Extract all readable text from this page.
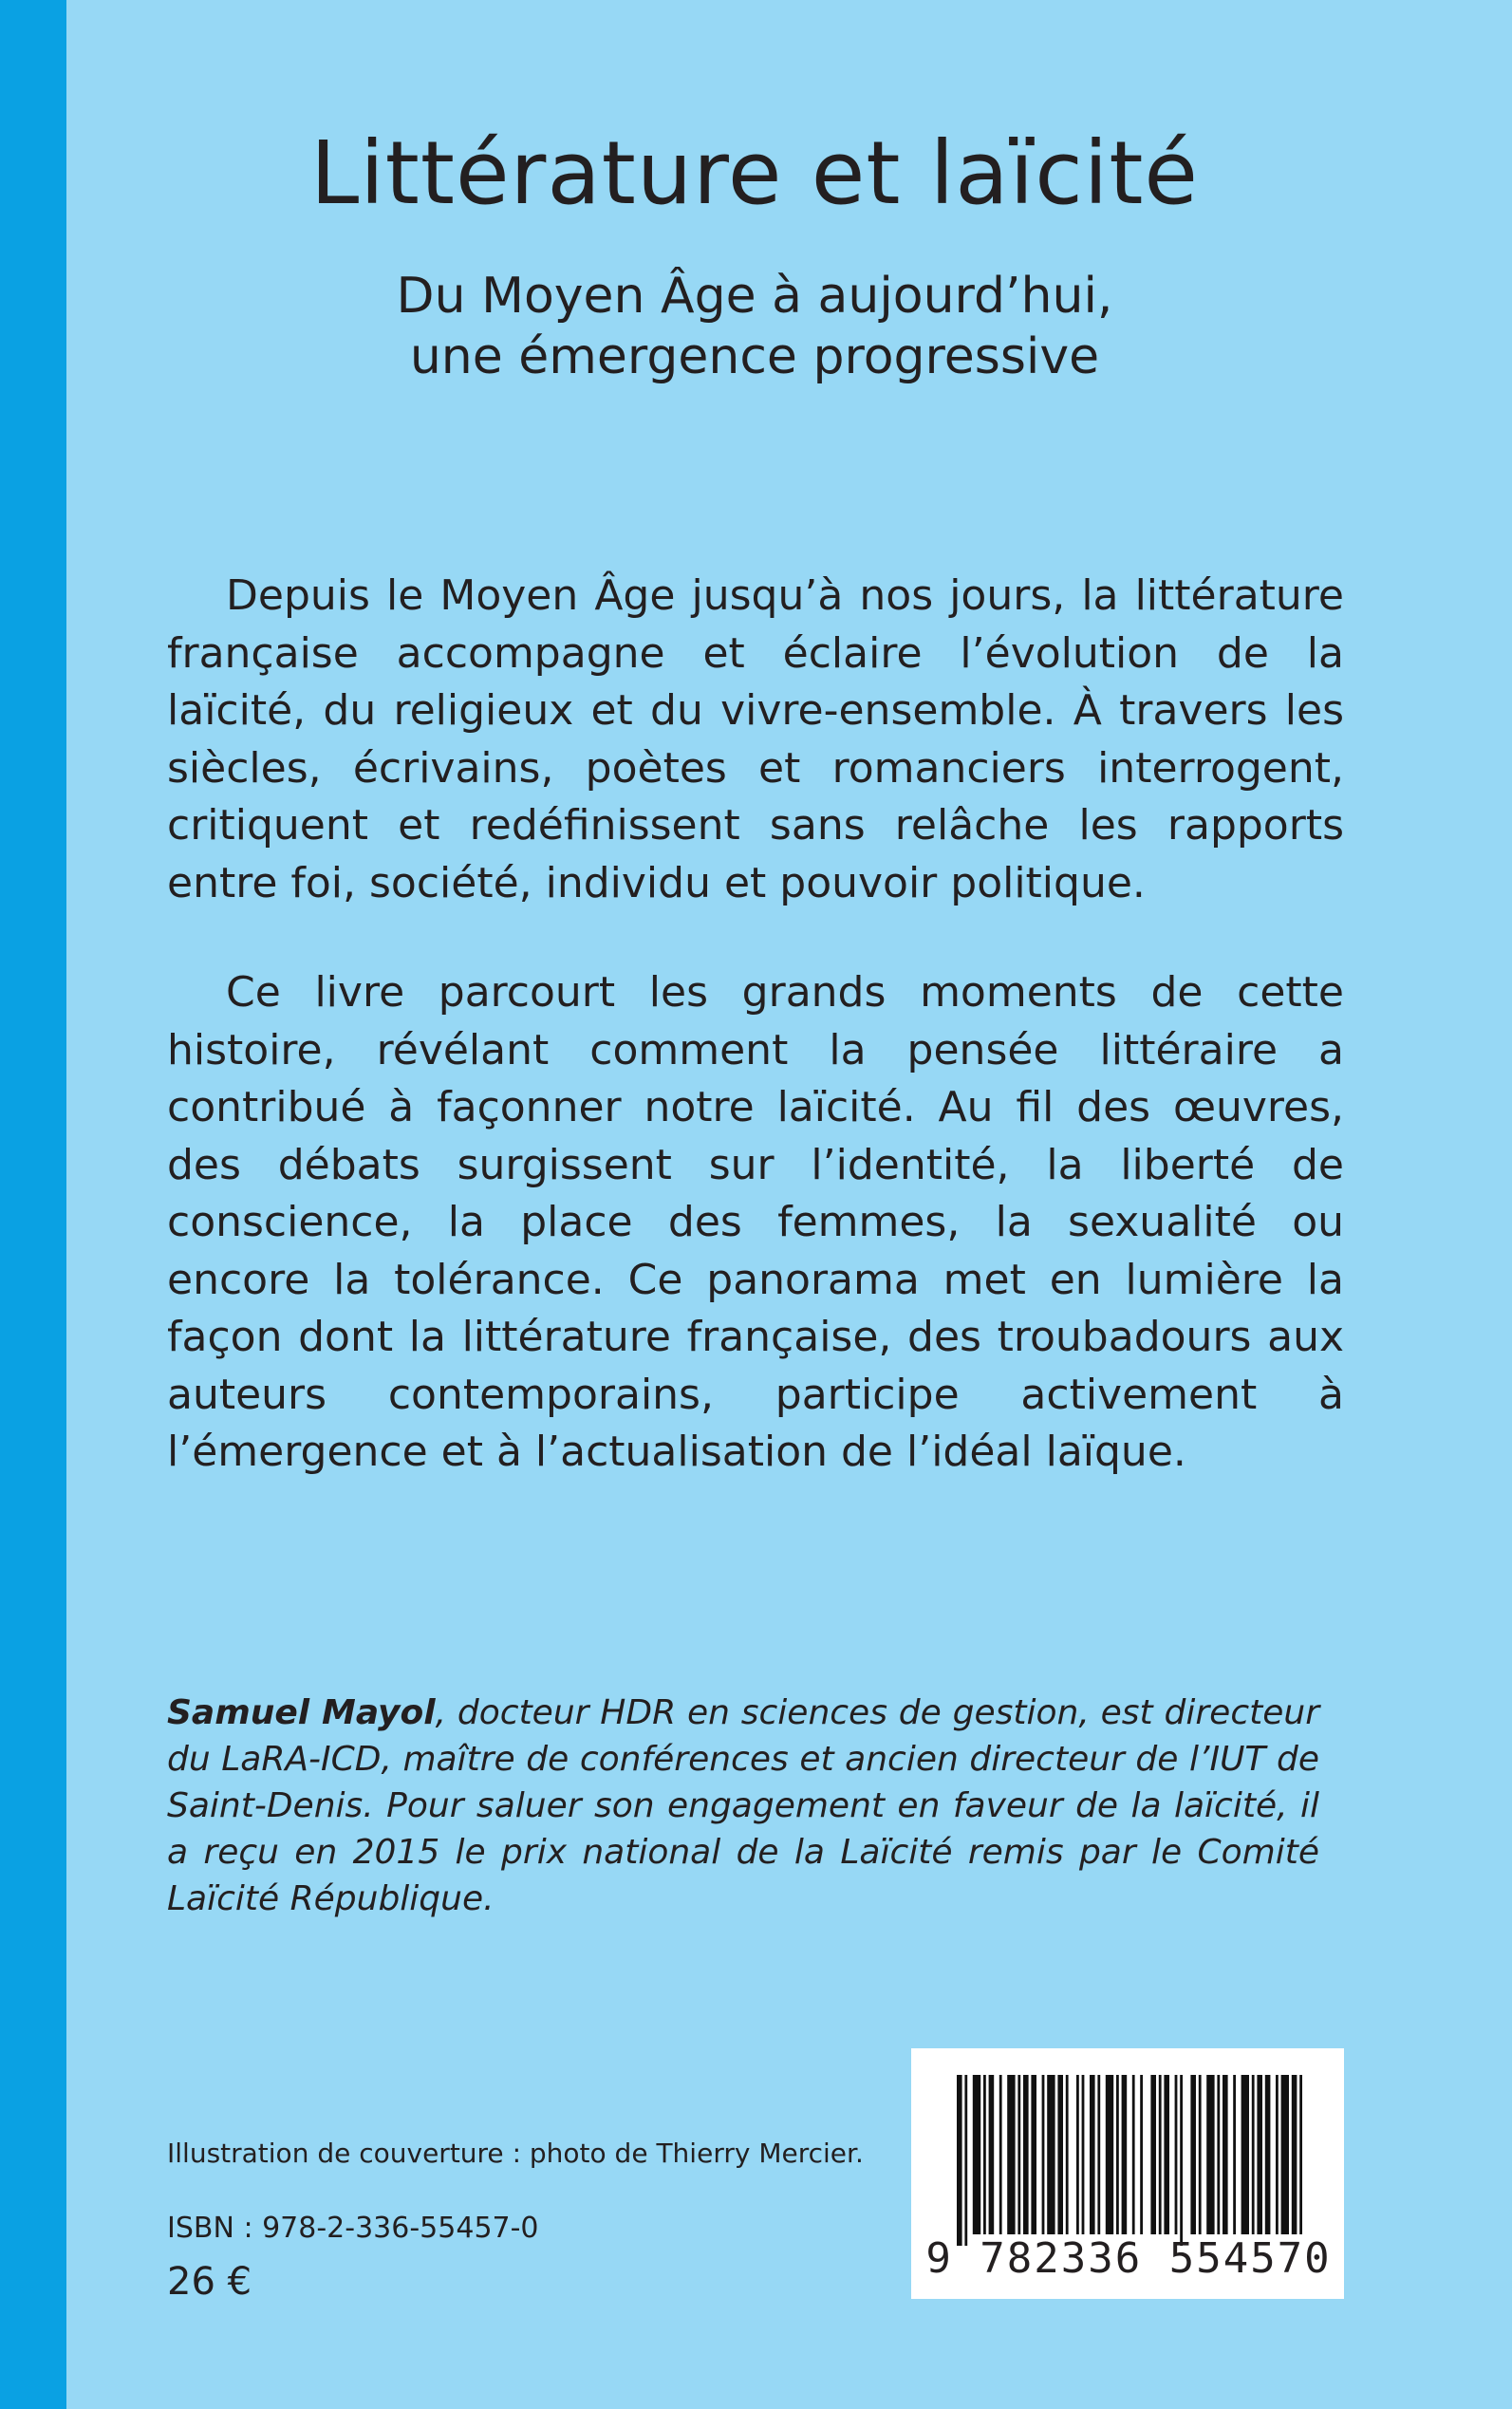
Littérature et laïcité
Du Moyen Âge à aujourd’hui,
une émergence progressive

Depuis le Moyen Âge jusqu’à nos jours, la littérature française accompagne et éclaire l’évolution de la laïcité, du religieux et du vivre-ensemble. À travers les siècles, écrivains, poètes et romanciers interrogent, critiquent et redéfinissent sans relâche les rapports entre foi, société, individu et pouvoir politique.

Ce livre parcourt les grands moments de cette histoire, révélant comment la pensée littéraire a contribué à façonner notre laïcité. Au fil des œuvres, des débats surgissent sur l’identité, la liberté de conscience, la place des femmes, la sexualité ou encore la tolérance. Ce panorama met en lumière la façon dont la littérature française, des troubadours aux auteurs contemporains, participe activement à l’émergence et à l’actualisation de l’idéal laïque.

Samuel Mayol, docteur HDR en sciences de gestion, est directeur du LaRA-ICD, maître de conférences et ancien directeur de l’IUT de Saint-Denis. Pour saluer son engagement en faveur de la laïcité, il a reçu en 2015 le prix national de la Laïcité remis par le Comité Laïcité République.
Illustration de couverture : photo de Thierry Mercier.
ISBN : 978-2-336-55457-0
26 €	9 782336 554570
